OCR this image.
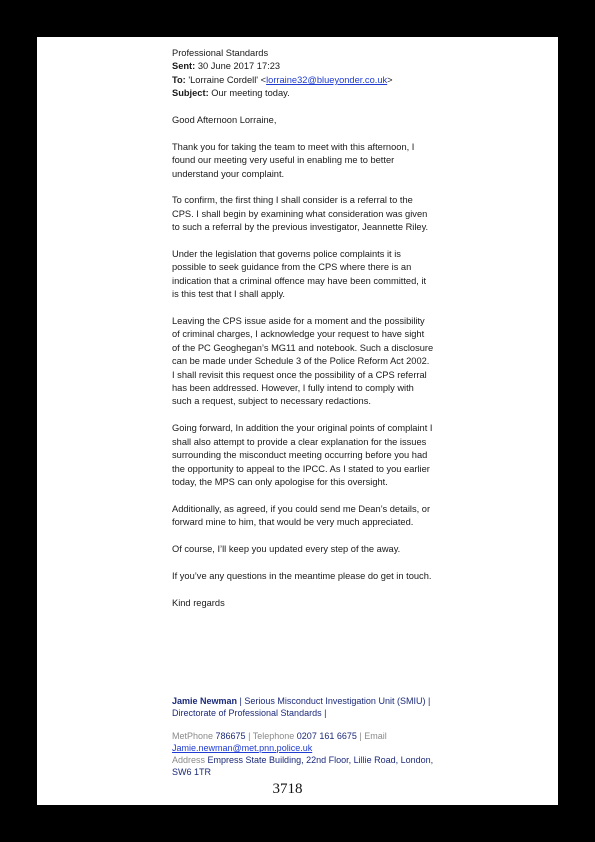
Professional Standards
Sent: 30 June 2017 17:23
To: 'Lorraine Cordell' <lorraine32@blueyonder.co.uk>
Subject: Our meeting today.

Good Afternoon Lorraine,

Thank you for taking the team to meet with this afternoon, I found our meeting very useful in enabling me to better understand your complaint.

To confirm, the first thing I shall consider is a referral to the CPS. I shall begin by examining what consideration was given to such a referral by the previous investigator, Jeannette Riley.

Under the legislation that governs police complaints it is possible to seek guidance from the CPS where there is an indication that a criminal offence may have been committed, it is this test that I shall apply.

Leaving the CPS issue aside for a moment and the possibility of criminal charges, I acknowledge your request to have sight of the PC Geoghegan’s MG11 and notebook. Such a disclosure can be made under Schedule 3 of the Police Reform Act 2002. I shall revisit this request once the possibility of a CPS referral has been addressed. However, I fully intend to comply with such a request, subject to necessary redactions.

Going forward, In addition the your original points of complaint I shall also attempt to provide a clear explanation for the issues surrounding the misconduct meeting occurring before you had the opportunity to appeal to the IPCC. As I stated to you earlier today, the MPS can only apologise for this oversight.

Additionally, as agreed, if you could send me Dean’s details, or forward mine to him, that would be very much appreciated.

Of course, I’ll keep you updated every step of the away.

If you’ve any questions in the meantime please do get in touch.

Kind regards

Jamie Newman | Serious Misconduct Investigation Unit (SMIU) | Directorate of Professional Standards |
MetPhone 786675 | Telephone 0207 161 6675 | Email
Jamie.newman@met.pnn.police.uk
Address Empress State Building, 22nd Floor, Lillie Road, London, SW6 1TR
3718
